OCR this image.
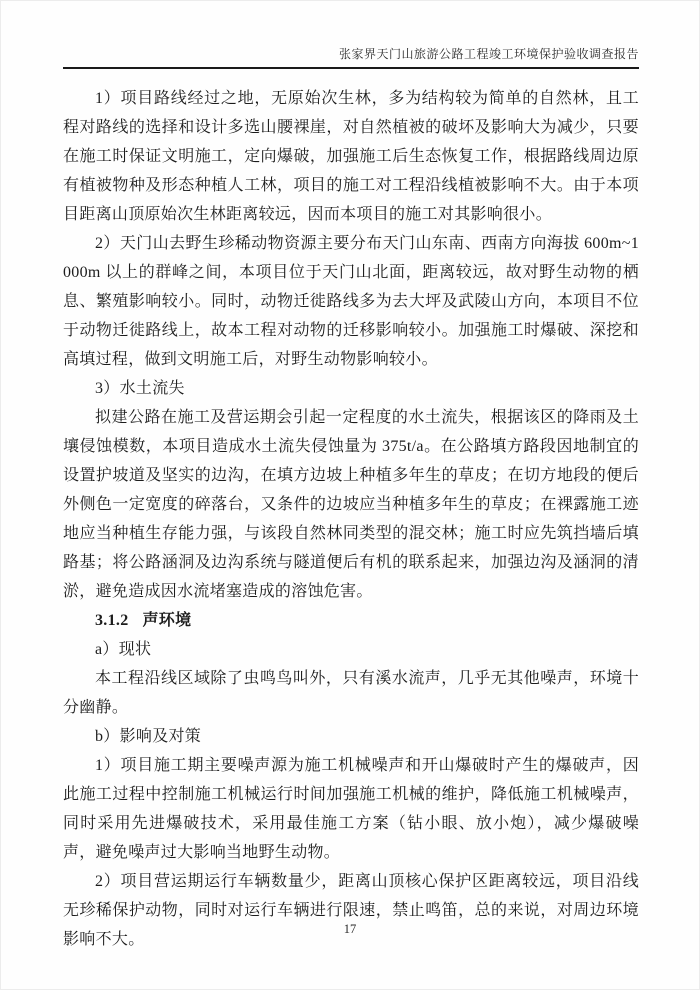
张家界天门山旅游公路工程竣工环境保护验收调查报告

1）项目路线经过之地，无原始次生林，多为结构较为简单的自然林，且工程对路线的选择和设计多选山腰裸崖，对自然植被的破坏及影响大为减少，只要在施工时保证文明施工，定向爆破，加强施工后生态恢复工作，根据路线周边原有植被物种及形态种植人工林，项目的施工对工程沿线植被影响不大。由于本项目距离山顶原始次生林距离较远，因而本项目的施工对其影响很小。

2）天门山去野生珍稀动物资源主要分布天门山东南、西南方向海拔 600m~1000m 以上的群峰之间，本项目位于天门山北面，距离较远，故对野生动物的栖息、繁殖影响较小。同时，动物迁徙路线多为去大坪及武陵山方向，本项目不位于动物迁徙路线上，故本工程对动物的迁移影响较小。加强施工时爆破、深挖和高填过程，做到文明施工后，对野生动物影响较小。

3）水土流失

拟建公路在施工及营运期会引起一定程度的水土流失，根据该区的降雨及土壤侵蚀模数，本项目造成水土流失侵蚀量为 375t/a。在公路填方路段因地制宜的设置护坡道及坚实的边沟，在填方边坡上种植多年生的草皮；在切方地段的便后外侧色一定宽度的碎落台，又条件的边坡应当种植多年生的草皮；在裸露施工迹地应当种植生存能力强，与该段自然林同类型的混交林；施工时应先筑挡墙后填路基；将公路涵洞及边沟系统与隧道便后有机的联系起来，加强边沟及涵洞的清淤，避免造成因水流堵塞造成的溶蚀危害。

3.1.2 声环境

a）现状

本工程沿线区域除了虫鸣鸟叫外，只有溪水流声，几乎无其他噪声，环境十分幽静。

b）影响及对策

1）项目施工期主要噪声源为施工机械噪声和开山爆破时产生的爆破声，因此施工过程中控制施工机械运行时间加强施工机械的维护，降低施工机械噪声，同时采用先进爆破技术，采用最佳施工方案（钻小眼、放小炮），减少爆破噪声，避免噪声过大影响当地野生动物。

2）项目营运期运行车辆数量少，距离山顶核心保护区距离较远，项目沿线无珍稀保护动物，同时对运行车辆进行限速，禁止鸣笛，总的来说，对周边环境影响不大。

17
